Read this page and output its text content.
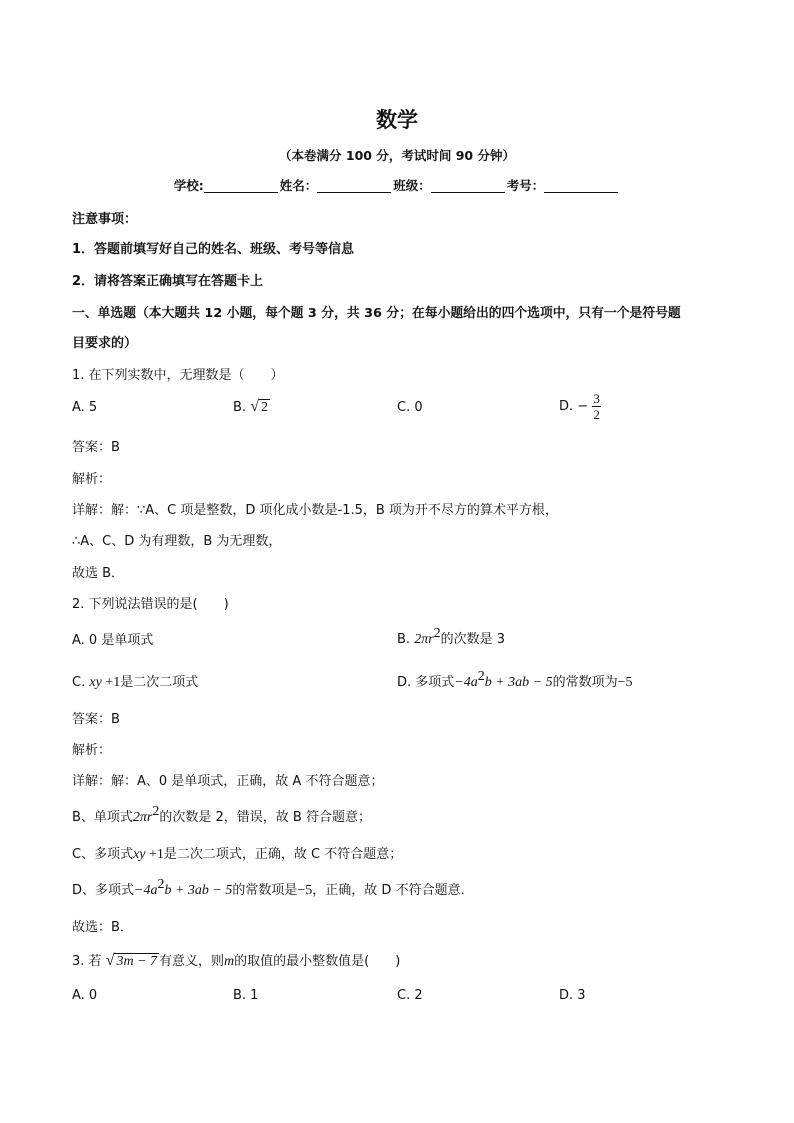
数学
（本卷满分 100 分，考试时间 90 分钟）
学校:	姓名：	班级：	考号：
注意事项：
1．答题前填写好自己的姓名、班级、考号等信息
2．请将答案正确填写在答题卡上
一、单选题（本大题共 12 小题，每个题 3 分，共 36 分；在每小题给出的四个选项中，只有一个是符号题
目要求的）
1. 在下列实数中，无理数是（　　）
A. 5	B. √ 2	C. 0	D. − $\frac{3}{2}$
答案：B
解析：
详解：解：∵A、C 项是整数，D 项化成小数是-1.5，B 项为开不尽方的算术平方根，
∴A、C、D 为有理数，B 为无理数，
故选 B．
2. 下列说法错误的是(　　)
A. 0 是单项式	B. $2\pi r^2$的次数是 3
C. xy +1是二次二项式	D. 多项式$-4a^2b + 3ab - 5$的常数项为−5
答案：B
解析：
详解：解：A、0 是单项式，正确，故 A 不符合题意；
B、单项式$2\pi r^2$的次数是 2，错误，故 B 符合题意；
C、多项式xy +1是二次二项式，正确，故 C 不符合题意；
D、多项式$-4a^2b + 3ab - 5$的常数项是−5，正确，故 D 不符合题意．
故选：B．
3. 若 √ 3m − 7 有意义，则m的取值的最小整数值是(　　)
A. 0	B. 1	C. 2	D. 3
